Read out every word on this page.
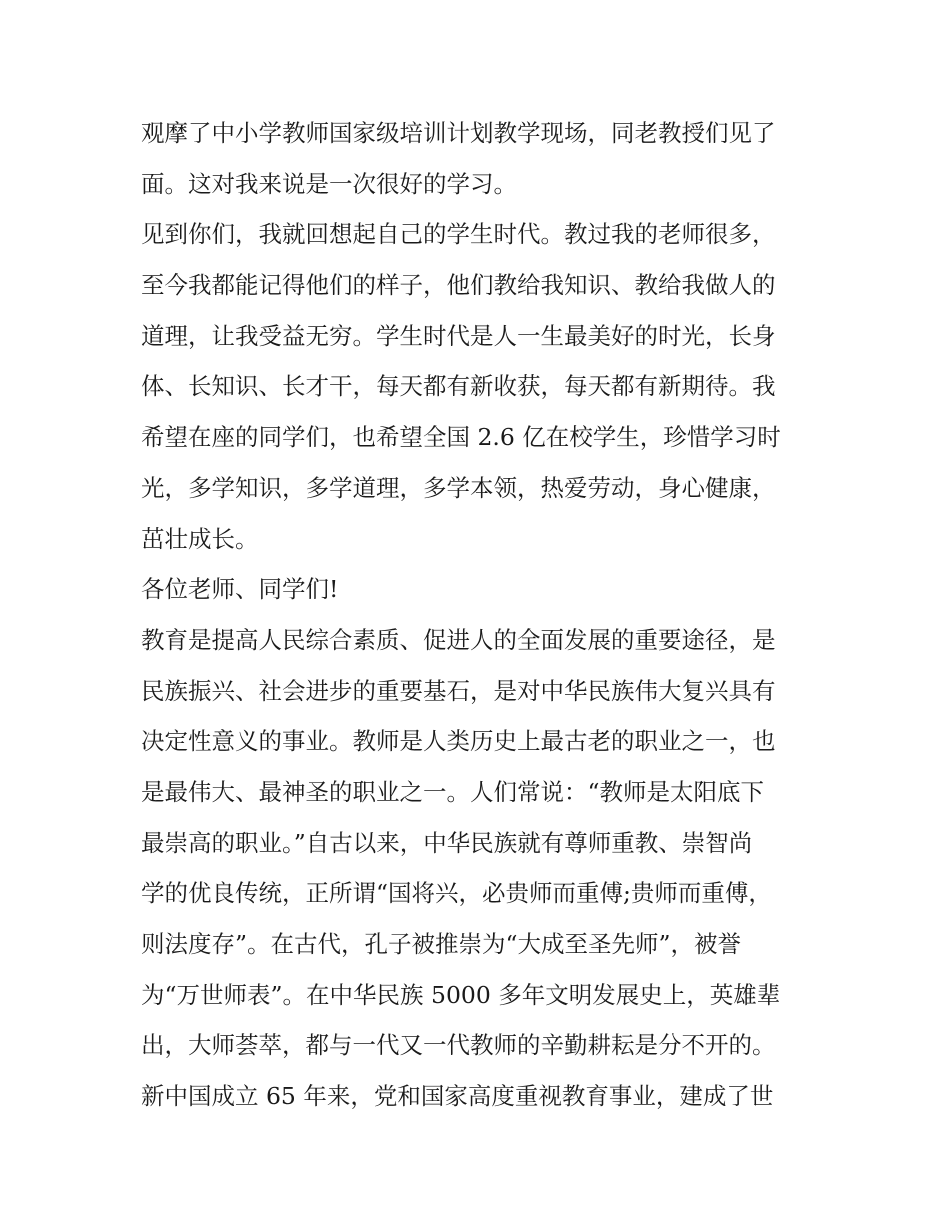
观摩了中小学教师国家级培训计划教学现场，同老教授们见了
面。这对我来说是一次很好的学习。
见到你们，我就回想起自己的学生时代。教过我的老师很多，
至今我都能记得他们的样子，他们教给我知识、教给我做人的
道理，让我受益无穷。学生时代是人一生最美好的时光，长身
体、长知识、长才干，每天都有新收获，每天都有新期待。我
希望在座的同学们，也希望全国 2.6 亿在校学生，珍惜学习时
光，多学知识，多学道理，多学本领，热爱劳动，身心健康，
茁壮成长。
各位老师、同学们!
教育是提高人民综合素质、促进人的全面发展的重要途径，是
民族振兴、社会进步的重要基石，是对中华民族伟大复兴具有
决定性意义的事业。教师是人类历史上最古老的职业之一，也
是最伟大、最神圣的职业之一。人们常说：“教师是太阳底下
最崇高的职业。”自古以来，中华民族就有尊师重教、崇智尚
学的优良传统，正所谓“国将兴，必贵师而重傅;贵师而重傅，
则法度存”。在古代，孔子被推崇为“大成至圣先师”，被誉
为“万世师表”。在中华民族 5000 多年文明发展史上，英雄辈
出，大师荟萃，都与一代又一代教师的辛勤耕耘是分不开的。
新中国成立 65 年来，党和国家高度重视教育事业，建成了世
